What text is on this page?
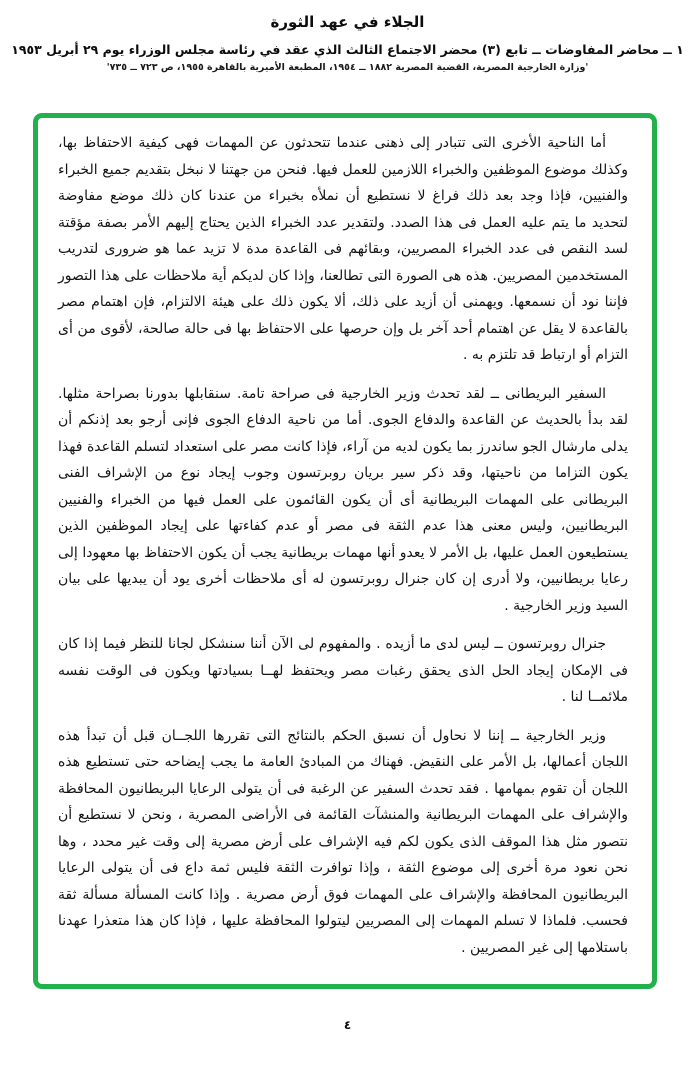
الجلاء في عهد الثورة
١ ــ محاضر المفاوضات ــ تابع (٣) محضر الاجتماع الثالث الذي عقد في رئاسة مجلس الوزراء يوم ٢٩ أبريل ١٩٥٣
'وزارة الخارجية المصرية، القضية المصرية ١٨٨٢ ــ ١٩٥٤، المطبعة الأميرية بالقاهرة ١٩٥٥، ص ٧٢٣ ــ ٧٣٥'

أما الناحية الأخرى التى تتبادر إلى ذهنى عندما تتحدثون عن المهمات فهى كيفية الاحتفاظ بها، وكذلك موضوع الموظفين والخبراء اللازمين للعمل فيها. فنحن من جهتنا لا نبخل بتقديم جميع الخبراء والفنيين، فإذا وجد بعد ذلك فراغ لا نستطيع أن نملأه بخبراء من عندنا كان ذلك موضع مفاوضة لتحديد ما يتم عليه العمل فى هذا الصدد. ولتقدير عدد الخبراء الذين يحتاج إليهم الأمر بصفة مؤقتة لسد النقص فى عدد الخبراء المصريين، وبقائهم فى القاعدة مدة لا تزيد عما هو ضرورى لتدريب المستخدمين المصريين. هذه هى الصورة التى تطالعنا، وإذا كان لديكم أية ملاحظات على هذا التصور فإننا نود أن نسمعها. ويهمنى أن أزيد على ذلك، ألا يكون ذلك على هيئة الالتزام، فإن اهتمام مصر بالقاعدة لا يقل عن اهتمام أحد آخر بل وإن حرصها على الاحتفاظ بها فى حالة صالحة، لأقوى من أى التزام أو ارتباط قد تلتزم به .

السفير البريطانى ــ لقد تحدث وزير الخارجية فى صراحة تامة. سنقابلها بدورنا بصراحة مثلها. لقد بدأ بالحديث عن القاعدة والدفاع الجوى. أما من ناحية الدفاع الجوى فإنى أرجو بعد إذنكم أن يدلى مارشال الجو ساندرز بما يكون لديه من آراء، فإذا كانت مصر على استعداد لتسلم القاعدة فهذا يكون التزاما من ناحيتها، وقد ذكر سير بريان روبرتسون وجوب إيجاد نوع من الإشراف الفنى البريطانى على المهمات البريطانية أى أن يكون القائمون على العمل فيها من الخبراء والفنيين البريطانيين، وليس معنى هذا عدم الثقة فى مصر أو عدم كفاءتها على إيجاد الموظفين الذين يستطيعون العمل عليها، بل الأمر لا يعدو أنها مهمات بريطانية يجب أن يكون الاحتفاظ بها معهودا إلى رعايا بريطانيين، ولا أدرى إن كان جنرال روبرتسون له أى ملاحظات أخرى يود أن يبديها على بيان السيد وزير الخارجية .

جنرال روبرتسون ــ ليس لدى ما أزيده . والمفهوم لى الآن أننا سنشكل لجانا للنظر فيما إذا كان فى الإمكان إيجاد الحل الذى يحقق رغبات مصر ويحتفظ لهــا بسيادتها ويكون فى الوقت نفسه ملائمــا لنا .

وزير الخارجية ــ إننا لا نحاول أن نسبق الحكم بالنتائج التى تقررها اللجــان قبل أن تبدأ هذه اللجان أعمالها، بل الأمر على النقيض. فهناك من المبادئ العامة ما يجب إيضاحه حتى تستطيع هذه اللجان أن تقوم بمهامها . فقد تحدث السفير عن الرغبة فى أن يتولى الرعايا البريطانيون المحافظة والإشراف على المهمات البريطانية والمنشآت القائمة فى الأراضى المصرية ، ونحن لا نستطيع أن نتصور مثل هذا الموقف الذى يكون لكم فيه الإشراف على أرض مصرية إلى وقت غير محدد ، وها نحن نعود مرة أخرى إلى موضوع الثقة ، وإذا توافرت الثقة فليس ثمة داع فى أن يتولى الرعايا البريطانيون المحافظة والإشراف على المهمات فوق أرض مصرية . وإذا كانت المسألة مسألة ثقة فحسب. فلماذا لا تسلم المهمات إلى المصريين ليتولوا المحافظة عليها ، فإذا كان هذا متعذرا عهدنا باستلامها إلى غير المصريين .

٤
